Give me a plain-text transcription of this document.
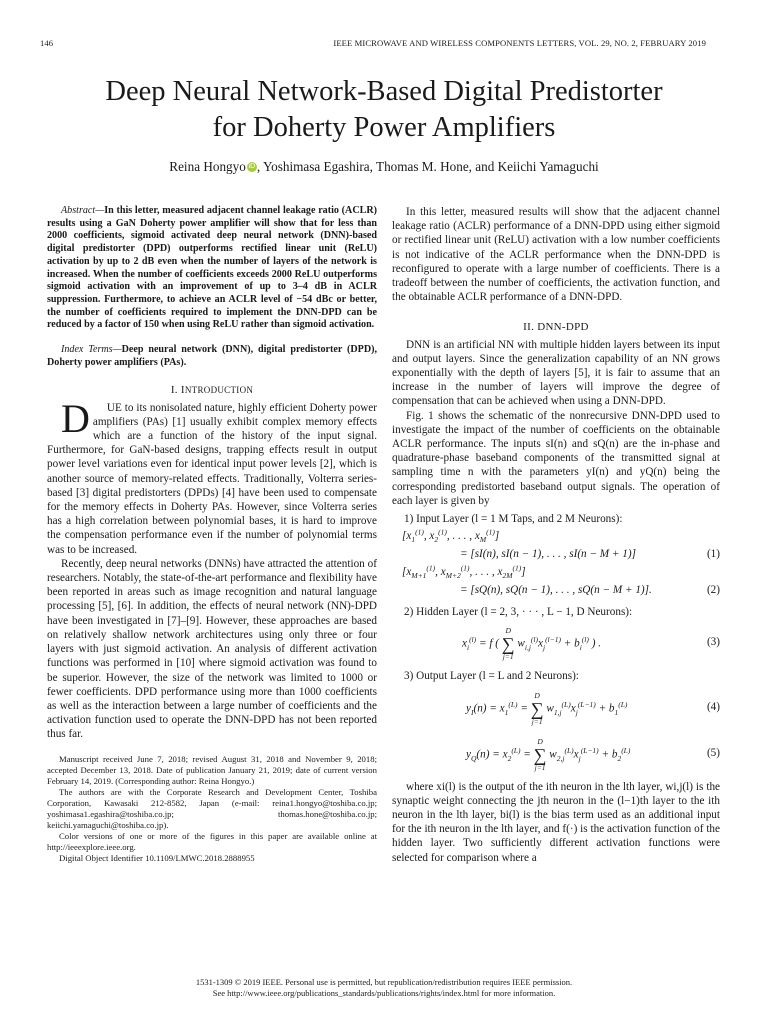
146	IEEE MICROWAVE AND WIRELESS COMPONENTS LETTERS, VOL. 29, NO. 2, FEBRUARY 2019
Deep Neural Network-Based Digital Predistorter
for Doherty Power Amplifiers
Reina Hongyo iD , Yoshimasa Egashira, Thomas M. Hone, and Keiichi Yamaguchi

Abstract—In this letter, measured adjacent channel leakage ratio (ACLR) results using a GaN Doherty power amplifier will show that for less than 2000 coefficients, sigmoid activated deep neural network (DNN)-based digital predistorter (DPD) outperforms rectified linear unit (ReLU) activation by up to 2 dB even when the number of layers of the network is increased. When the number of coefficients exceeds 2000 ReLU outperforms sigmoid activation with an improvement of up to 3–4 dB in ACLR suppression. Furthermore, to achieve an ACLR level of −54 dBc or better, the number of coefficients required to implement the DNN-DPD can be reduced by a factor of 150 when using ReLU rather than sigmoid activation.

Index Terms—Deep neural network (DNN), digital predistorter (DPD), Doherty power amplifiers (PAs).

I. INTRODUCTION

D UE to its nonisolated nature, highly efficient Doherty power amplifiers (PAs) [1] usually exhibit complex memory effects which are a function of the history of the input signal. Furthermore, for GaN-based designs, trapping effects result in output power level variations even for identical input power levels [2], which is another source of memory-related effects. Traditionally, Volterra series-based [3] digital predistorters (DPDs) [4] have been used to compensate for the memory effects in Doherty PAs. However, since Volterra series has a high correlation between polynomial bases, it is hard to improve the compensation performance even if the number of polynomial terms was to be increased.

Recently, deep neural networks (DNNs) have attracted the attention of researchers. Notably, the state-of-the-art performance and flexibility have been reported in areas such as image recognition and natural language processing [5], [6]. In addition, the effects of neural network (NN)-DPD have been investigated in [7]–[9]. However, these approaches are based on relatively shallow network architectures using only three or four layers with just sigmoid activation. An analysis of different activation functions was performed in [10] where sigmoid activation was found to be superior. However, the size of the network was limited to 1000 or fewer coefficients. DPD performance using more than 1000 coefficients as well as the interaction between a large number of coefficients and the activation function used to operate the DNN-DPD has not been reported thus far.

Manuscript received June 7, 2018; revised August 31, 2018 and November 9, 2018; accepted December 13, 2018. Date of publication January 21, 2019; date of current version February 14, 2019. (Corresponding author: Reina Hongyo.)

The authors are with the Corporate Research and Development Center, Toshiba Corporation, Kawasaki 212-8582, Japan (e-mail: reina1.hongyo@toshiba.co.jp; yoshimasa1.egashira@toshiba.co.jp; thomas.hone@toshiba.co.jp; keiichi.yamaguchi@toshiba.co.jp).

Color versions of one or more of the figures in this paper are available online at http://ieeexplore.ieee.org.

Digital Object Identifier 10.1109/LMWC.2018.2888955

In this letter, measured results will show that the adjacent channel leakage ratio (ACLR) performance of a DNN-DPD using either sigmoid or rectified linear unit (ReLU) activation with a low number coefficients is not indicative of the ACLR performance when the DNN-DPD is reconfigured to operate with a large number of coefficients. There is a tradeoff between the number of coefficients, the activation function, and the obtainable ACLR performance of a DNN-DPD.

II. DNN-DPD

DNN is an artificial NN with multiple hidden layers between its input and output layers. Since the generalization capability of an NN grows exponentially with the depth of layers [5], it is fair to assume that an increase in the number of layers will improve the degree of compensation that can be achieved when using a DNN-DPD.

Fig. 1 shows the schematic of the nonrecursive DNN-DPD used to investigate the impact of the number of coefficients on the obtainable ACLR performance. The inputs sI(n) and sQ(n) are the in-phase and quadrature-phase baseband components of the transmitted signal at sampling time n with the parameters yI(n) and yQ(n) being the corresponding predistorted baseband output signals. The operation of each layer is given by

1) Input Layer (l = 1 M Taps, and 2 M Neurons):
[$x_1^{(1)}$, $x_2^{(1)}$, . . . , $x_M^{(1)}$]
= [sI(n), sI(n − 1), . . . , sI(n − M + 1)]	(1)
[$x_{M+1}^{(1)}$, $x_{M+2}^{(1)}$, . . . , $x_{2M}^{(1)}$]
= [sQ(n), sQ(n − 1), . . . , sQ(n − M + 1)].	(2)
2) Hidden Layer (l = 2, 3, · · · , L − 1, D Neurons):
$x_i^{(l)} = f$ (
D
∑
j=1
$w_{i,j}^{(l)}x_j^{(l-1)} + b_i^{(l)}$ ) .	(3)
3) Output Layer (l = L and 2 Neurons):
$y_I(n) = x_1^{(L)}$ =
D
∑
j=1
$w_{1,j}^{(L)}x_j^{(L-1)} + b_1^{(L)}$	(4)
$y_Q(n) = x_2^{(L)}$ =
D
∑
j=1
$w_{2,j}^{(L)}x_j^{(L-1)} + b_2^{(L)}$	(5)

where xi(l) is the output of the ith neuron in the lth layer, wi,j(l) is the synaptic weight connecting the jth neuron in the (l−1)th layer to the ith neuron in the lth layer, bi(l) is the bias term used as an additional input for the ith neuron in the lth layer, and f(·) is the activation function of the hidden layer. Two sufficiently different activation functions were selected for comparison where a

1531-1309 © 2019 IEEE. Personal use is permitted, but republication/redistribution requires IEEE permission.
See http://www.ieee.org/publications_standards/publications/rights/index.html for more information.
